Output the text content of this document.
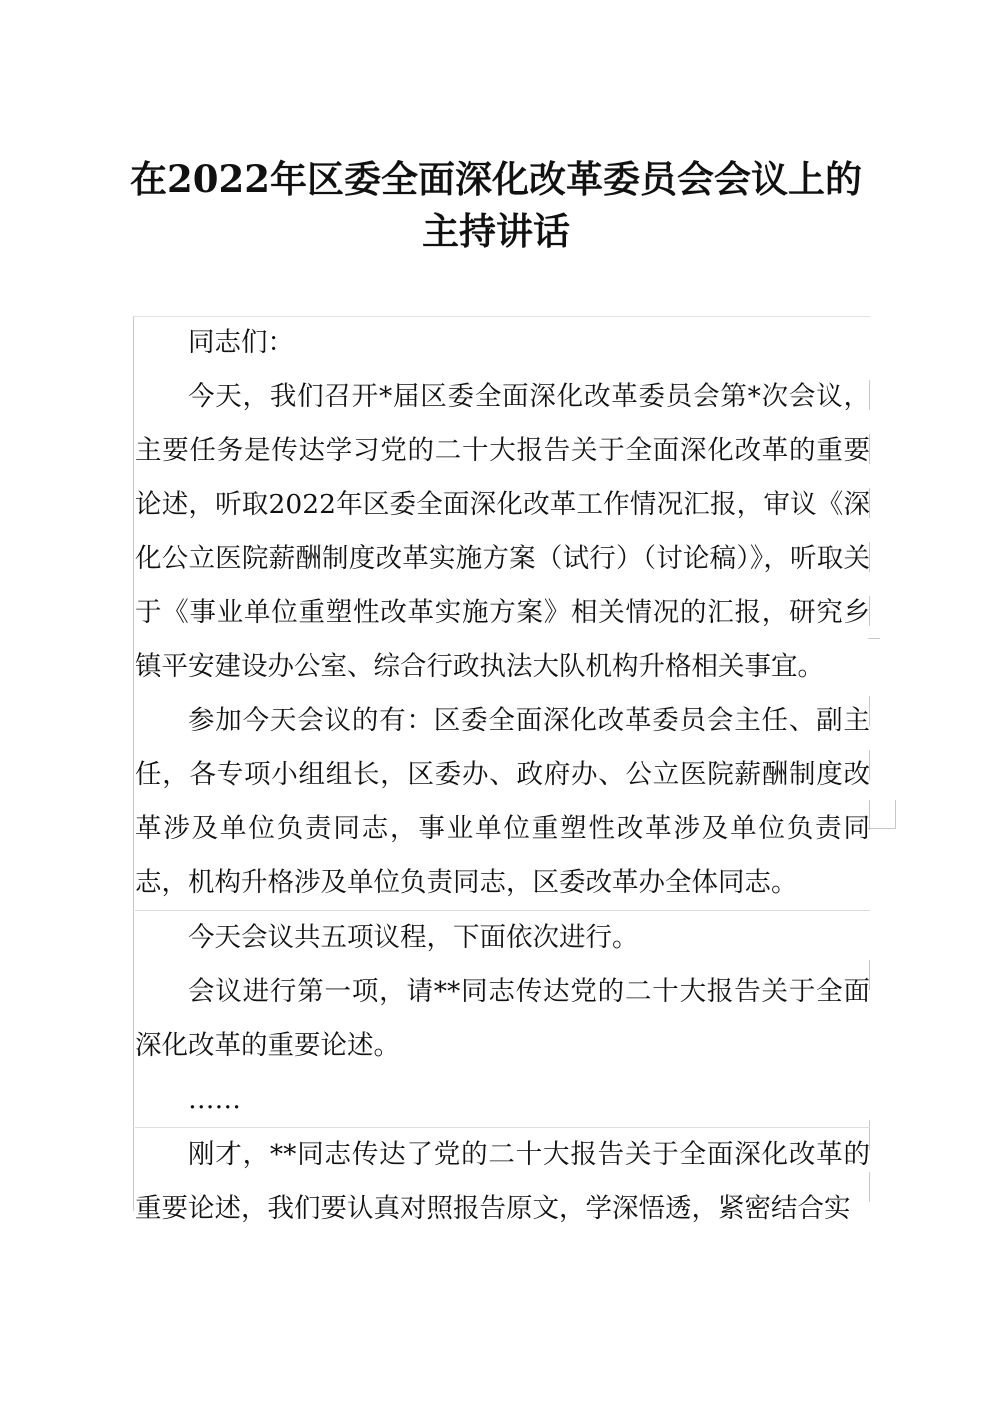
在2022年区委全面深化改革委员会会议上的
主持讲话

同志们：

今天，我们召开*届区委全面深化改革委员会第*次会议，主要任务是传达学习党的二十大报告关于全面深化改革的重要论述，听取2022年区委全面深化改革工作情况汇报，审议《深化公立医院薪酬制度改革实施方案（试行）（讨论稿）》，听取关于《事业单位重塑性改革实施方案》相关情况的汇报，研究乡镇平安建设办公室、综合行政执法大队机构升格相关事宜。

参加今天会议的有：区委全面深化改革委员会主任、副主任，各专项小组组长，区委办、政府办、公立医院薪酬制度改革涉及单位负责同志，事业单位重塑性改革涉及单位负责同志，机构升格涉及单位负责同志，区委改革办全体同志。

今天会议共五项议程，下面依次进行。

会议进行第一项，请**同志传达党的二十大报告关于全面深化改革的重要论述。

……

刚才，**同志传达了党的二十大报告关于全面深化改革的重要论述，我们要认真对照报告原文，学深悟透，紧密结合实
